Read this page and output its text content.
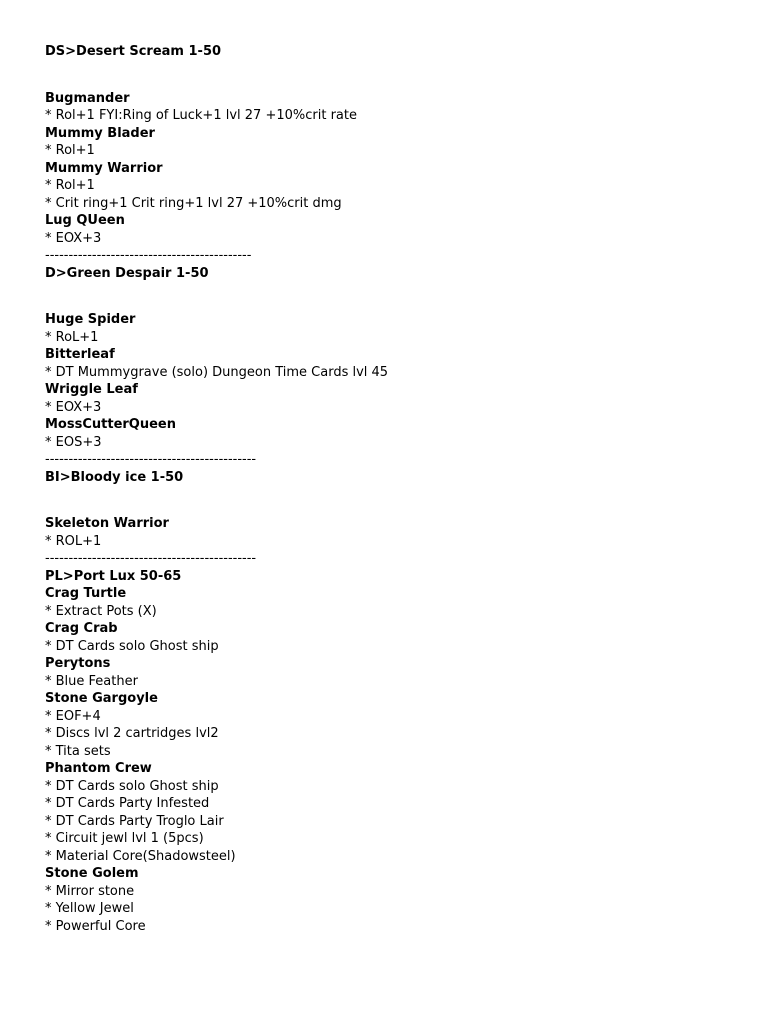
DS>Desert Scream 1-50
Bugmander
* Rol+1 FYI:Ring of Luck+1 lvl 27 +10%crit rate
Mummy Blader
* Rol+1
Mummy Warrior
* Rol+1
* Crit ring+1 Crit ring+1 lvl 27 +10%crit dmg
Lug QUeen
* EOX+3
--------------------------------------------
D>Green Despair 1-50
Huge Spider
* RoL+1
Bitterleaf
* DT Mummygrave (solo) Dungeon Time Cards lvl 45
Wriggle Leaf
* EOX+3
MossCutterQueen
* EOS+3
---------------------------------------------
BI>Bloody ice 1-50
Skeleton Warrior
* ROL+1
---------------------------------------------
PL>Port Lux 50-65
Crag Turtle
* Extract Pots (X)
Crag Crab
* DT Cards solo Ghost ship
Perytons
* Blue Feather
Stone Gargoyle
* EOF+4
* Discs lvl 2 cartridges lvl2
* Tita sets
Phantom Crew
* DT Cards solo Ghost ship
* DT Cards Party Infested
* DT Cards Party Troglo Lair
* Circuit jewl lvl 1 (5pcs)
* Material Core(Shadowsteel)
Stone Golem
* Mirror stone
* Yellow Jewel
* Powerful Core
